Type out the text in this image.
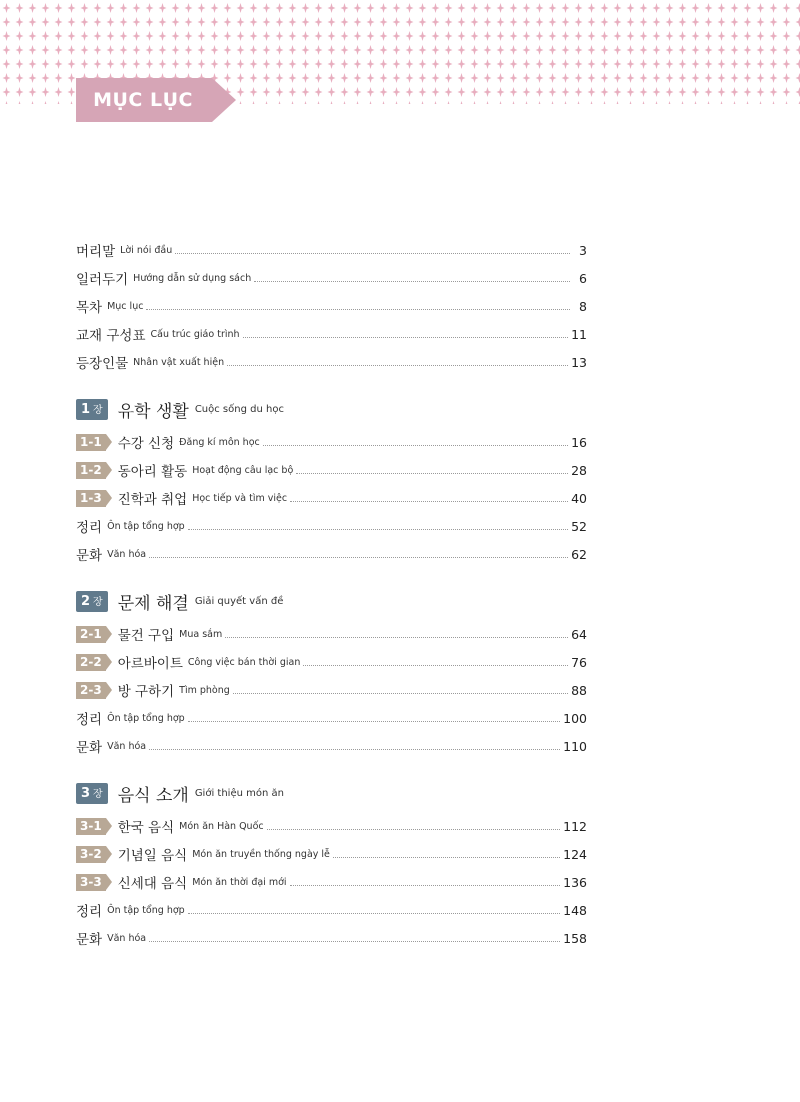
MỤC LỤC
머리말 Lời nói đầu	3
일러두기 Hướng dẫn sử dụng sách	6
목차 Mục lục	8
교재 구성표 Cấu trúc giáo trình	11
등장인물 Nhân vật xuất hiện	13
1 장 유학 생활 Cuộc sống du học
1-1	수강 신청 Đăng kí môn học	16
1-2	동아리 활동 Hoạt động câu lạc bộ	28
1-3	진학과 취업 Học tiếp và tìm việc	40
정리 Ôn tập tổng hợp	52
문화 Văn hóa	62
2 장 문제 해결 Giải quyết vấn đề
2-1	물건 구입 Mua sắm	64
2-2	아르바이트 Công việc bán thời gian	76
2-3	방 구하기 Tìm phòng	88
정리 Ôn tập tổng hợp	100
문화 Văn hóa	110
3 장 음식 소개 Giới thiệu món ăn
3-1	한국 음식 Món ăn Hàn Quốc	112
3-2	기념일 음식 Món ăn truyền thống ngày lễ	124
3-3	신세대 음식 Món ăn thời đại mới	136
정리 Ôn tập tổng hợp	148
문화 Văn hóa	158
